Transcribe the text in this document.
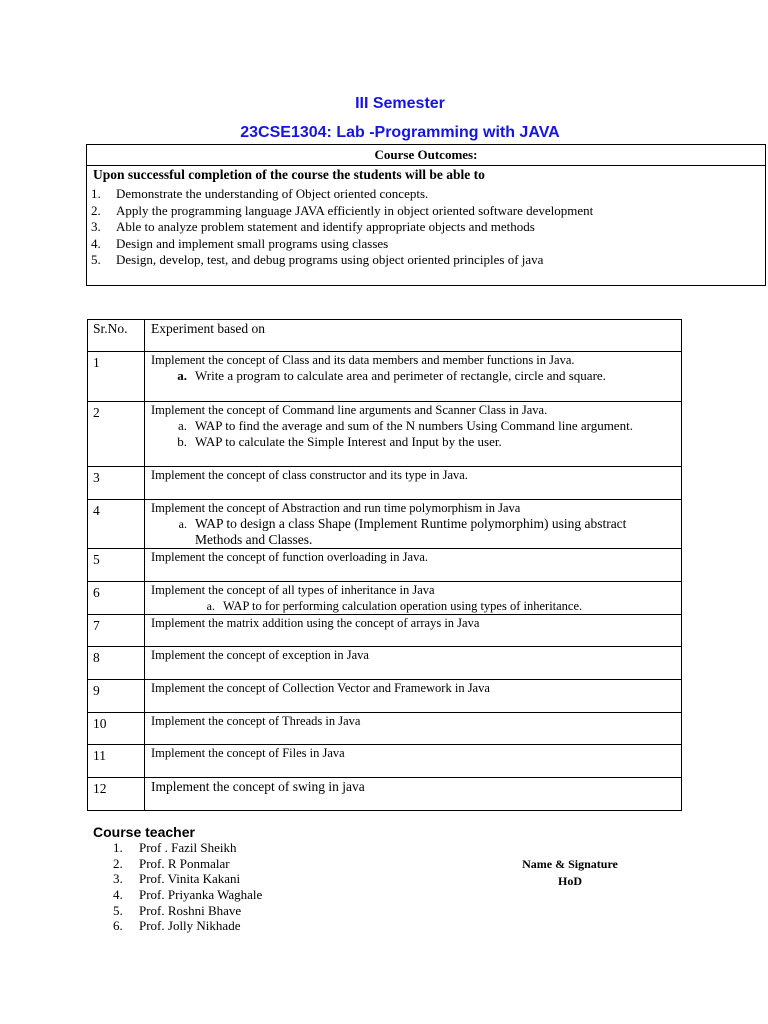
III Semester
23CSE1304: Lab -Programming with JAVA
Course Outcomes:
Upon successful completion of the course the students will be able to
1. Demonstrate the understanding of Object oriented concepts.
2. Apply the programming language JAVA efficiently in object oriented software development
3. Able to analyze problem statement and identify appropriate objects and methods
4. Design and implement small programs using classes
5. Design, develop, test, and debug programs using object oriented principles of java
Sr.No.	Experiment based on
1	Implement the concept of Class and its data members and member functions in Java.
a. Write a program to calculate area and perimeter of rectangle, circle and square.

2	Implement the concept of Command line arguments and Scanner Class in Java.
a. WAP to find the average and sum of the N numbers Using Command line argument.
b. WAP to calculate the Simple Interest and Input by the user.

3	Implement the concept of class constructor and its type in Java.

4	Implement the concept of Abstraction and run time polymorphism in Java
a. WAP to design a class Shape (Implement Runtime polymorphim) using abstract Methods and Classes.

5	Implement the concept of function overloading in Java.

6	Implement the concept of all types of inheritance in Java
a. WAP to for performing calculation operation using types of inheritance.

7	Implement the matrix addition using the concept of arrays in Java

8	Implement the concept of exception in Java

9	Implement the concept of Collection Vector and Framework in Java

10	Implement the concept of Threads in Java

11	Implement the concept of Files in Java

12	Implement the concept of swing in java
Course teacher
1. Prof . Fazil Sheikh
2. Prof. R Ponmalar
3. Prof. Vinita Kakani
4. Prof. Priyanka Waghale
5. Prof. Roshni Bhave
6. Prof. Jolly Nikhade
Name & Signature
HoD
